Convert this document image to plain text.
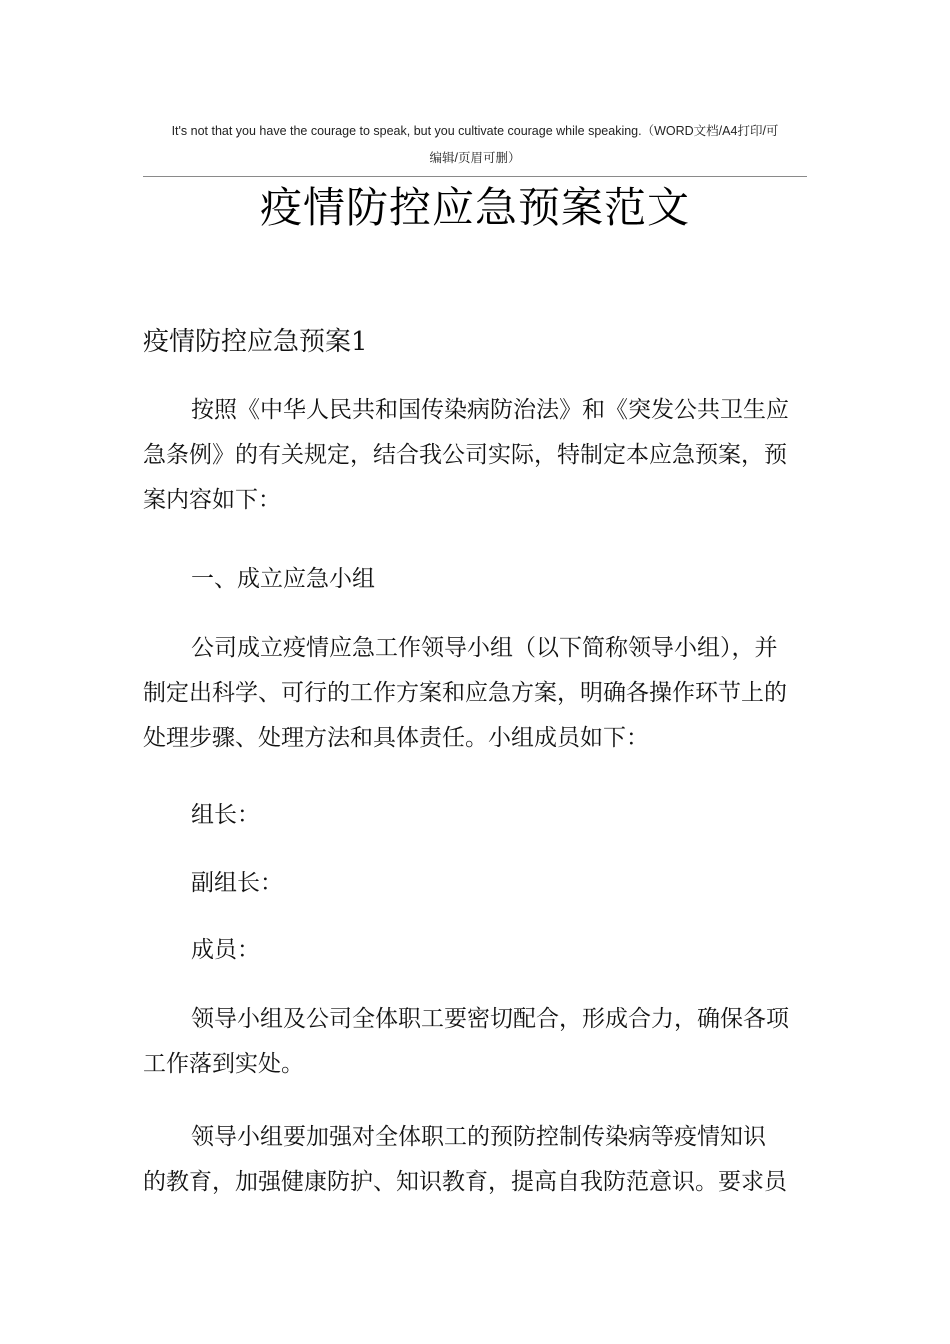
It's not that you have the courage to speak, but you cultivate courage while speaking.（WORD文档/A4打印/可
编辑/页眉可删）
疫情防控应急预案范文
疫情防控应急预案1
按照《中华人民共和国传染病防治法》和《突发公共卫生应
急条例》的有关规定，结合我公司实际，特制定本应急预案，预
案内容如下：
一、成立应急小组
公司成立疫情应急工作领导小组（以下简称领导小组），并
制定出科学、可行的工作方案和应急方案，明确各操作环节上的
处理步骤、处理方法和具体责任。小组成员如下：
组长：
副组长：
成员：
领导小组及公司全体职工要密切配合，形成合力，确保各项
工作落到实处。
领导小组要加强对全体职工的预防控制传染病等疫情知识
的教育，加强健康防护、知识教育，提高自我防范意识。要求员
